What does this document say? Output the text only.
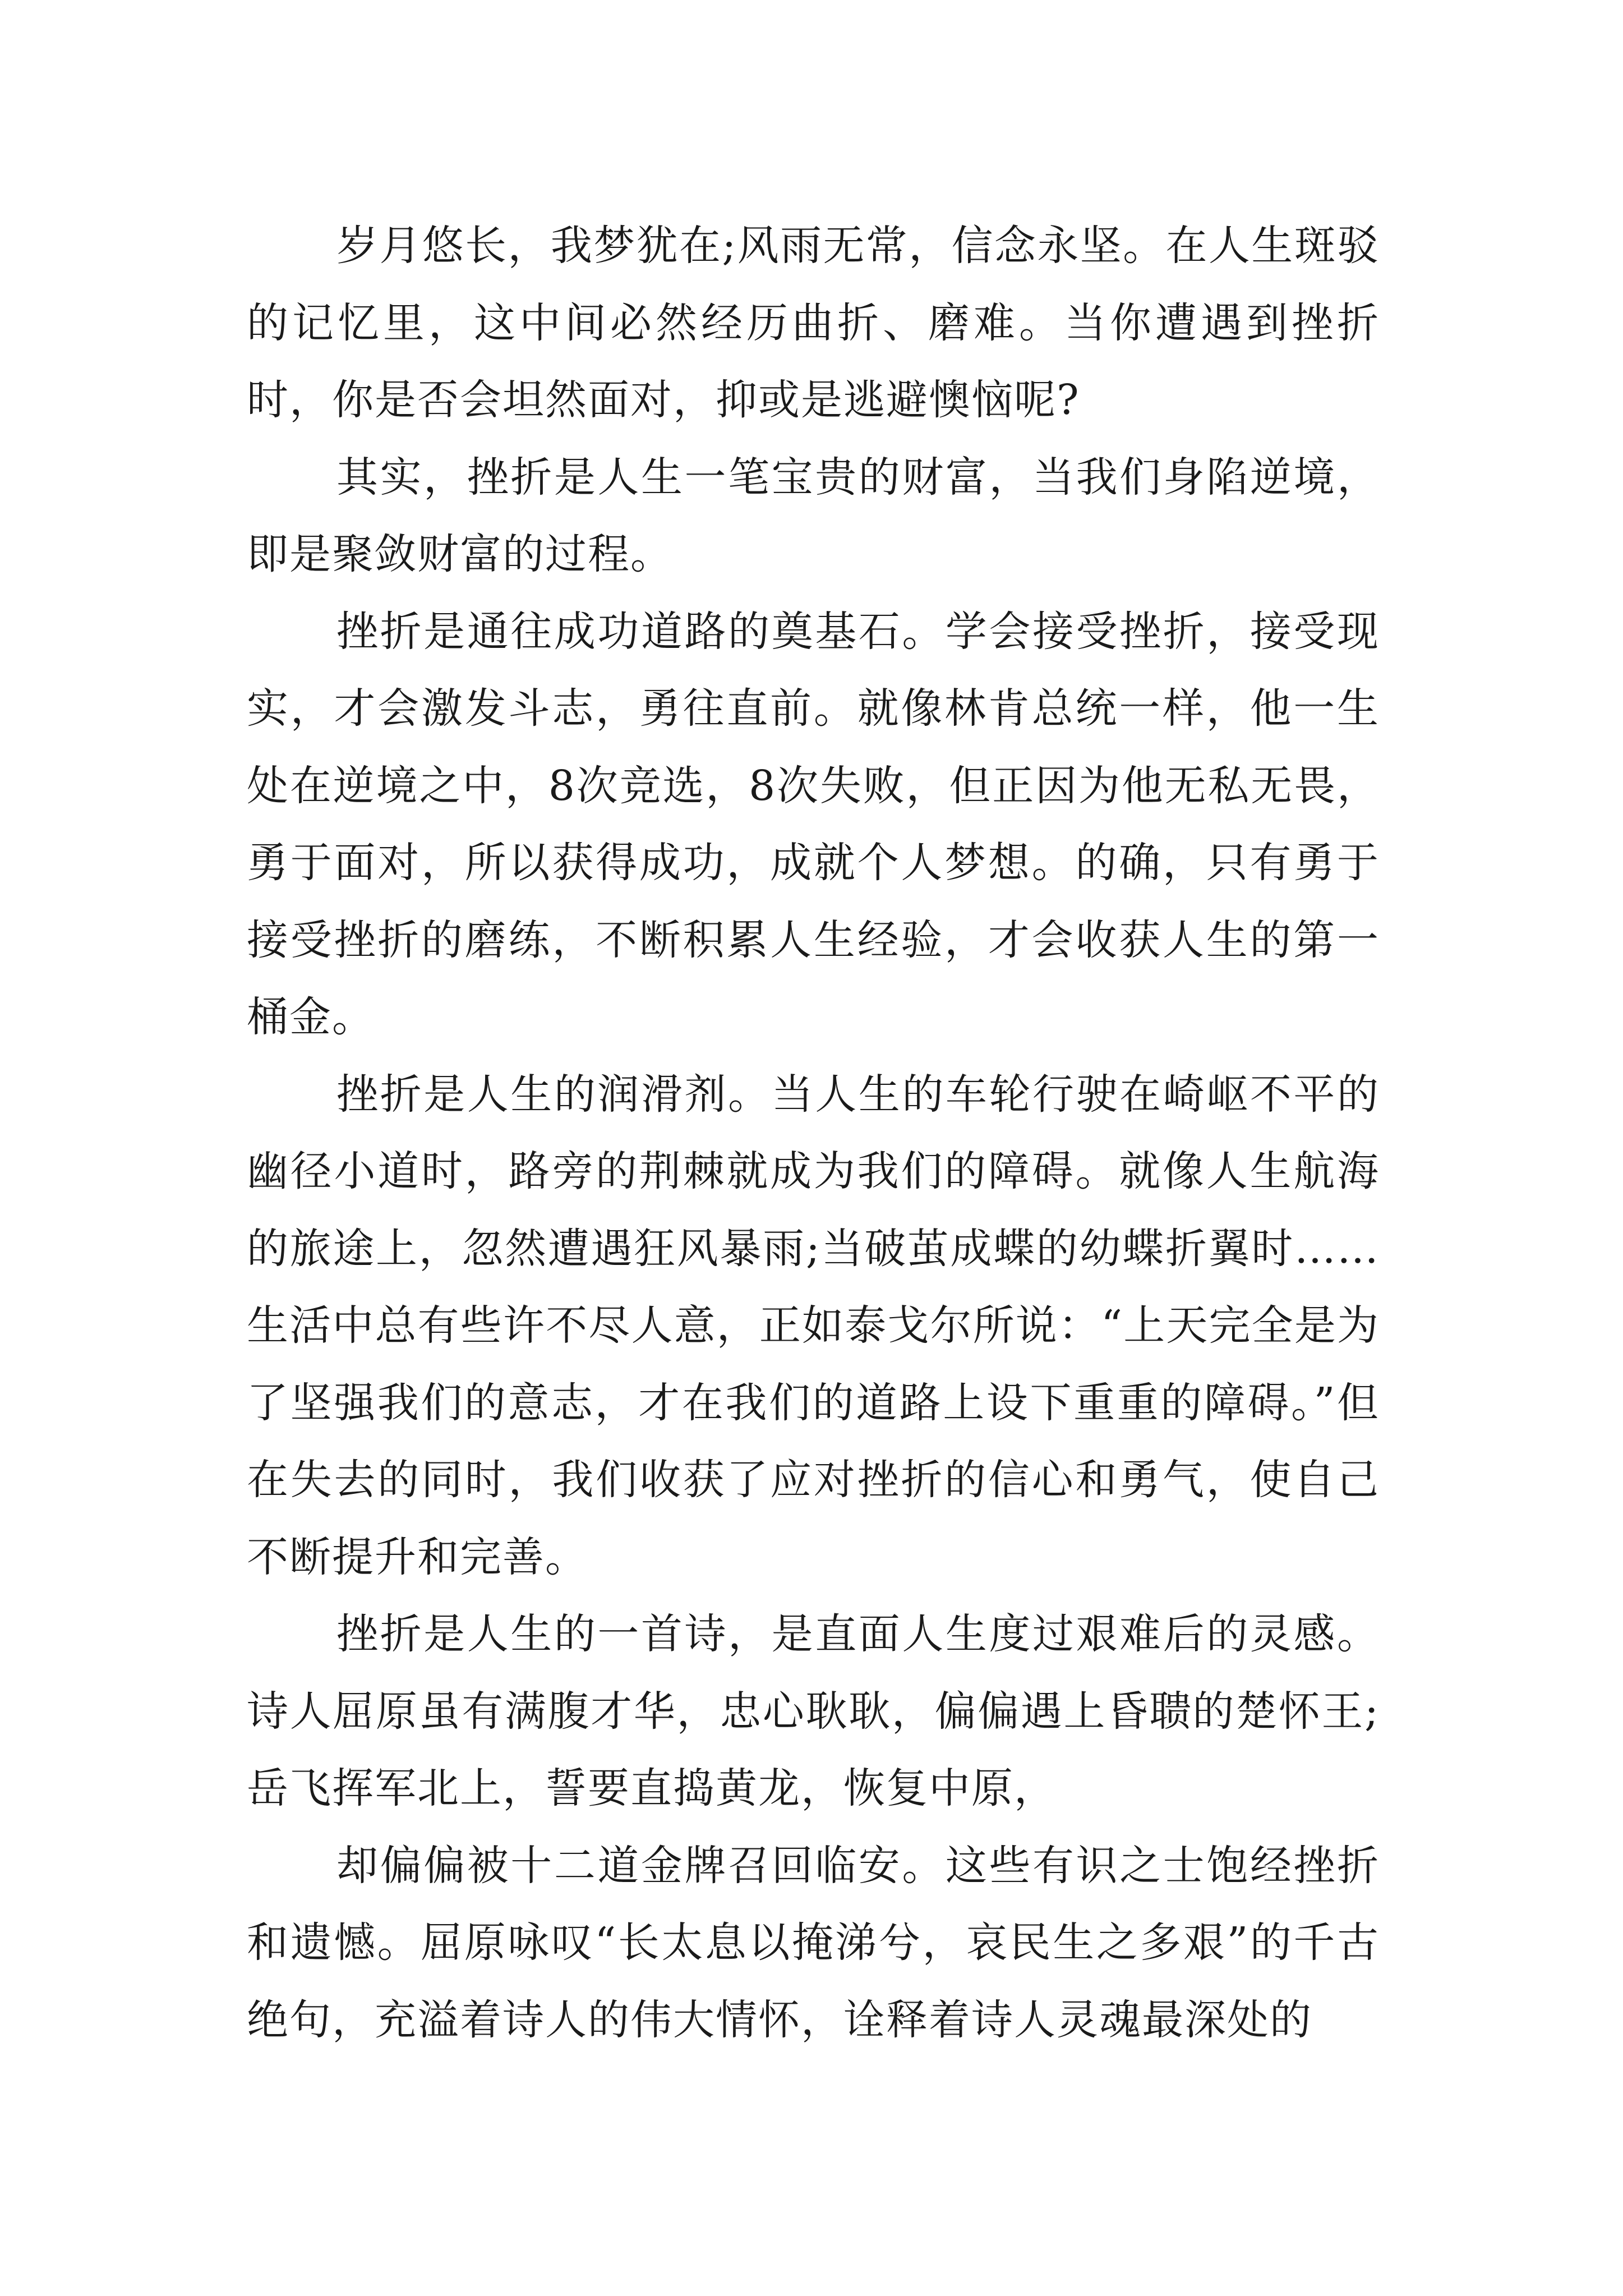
岁月悠长，我梦犹在;风雨无常，信念永坚。在人生斑驳的记忆里，这中间必然经历曲折、磨难。当你遭遇到挫折时，你是否会坦然面对，抑或是逃避懊恼呢?

其实，挫折是人生一笔宝贵的财富，当我们身陷逆境，即是聚敛财富的过程。

挫折是通往成功道路的奠基石。学会接受挫折，接受现实，才会激发斗志，勇往直前。就像林肯总统一样，他一生处在逆境之中，8次竞选，8次失败，但正因为他无私无畏，勇于面对，所以获得成功，成就个人梦想。的确，只有勇于接受挫折的磨练，不断积累人生经验，才会收获人生的第一桶金。

挫折是人生的润滑剂。当人生的车轮行驶在崎岖不平的幽径小道时，路旁的荆棘就成为我们的障碍。就像人生航海的旅途上，忽然遭遇狂风暴雨;当破茧成蝶的幼蝶折翼时……生活中总有些许不尽人意，正如泰戈尔所说：“上天完全是为了坚强我们的意志，才在我们的道路上设下重重的障碍。”但在失去的同时，我们收获了应对挫折的信心和勇气，使自己不断提升和完善。

挫折是人生的一首诗，是直面人生度过艰难后的灵感。诗人屈原虽有满腹才华，忠心耿耿，偏偏遇上昏聩的楚怀王;岳飞挥军北上，誓要直捣黄龙，恢复中原，

却偏偏被十二道金牌召回临安。这些有识之士饱经挫折和遗憾。屈原咏叹“长太息以掩涕兮，哀民生之多艰”的千古绝句，充溢着诗人的伟大情怀，诠释着诗人灵魂最深处的
